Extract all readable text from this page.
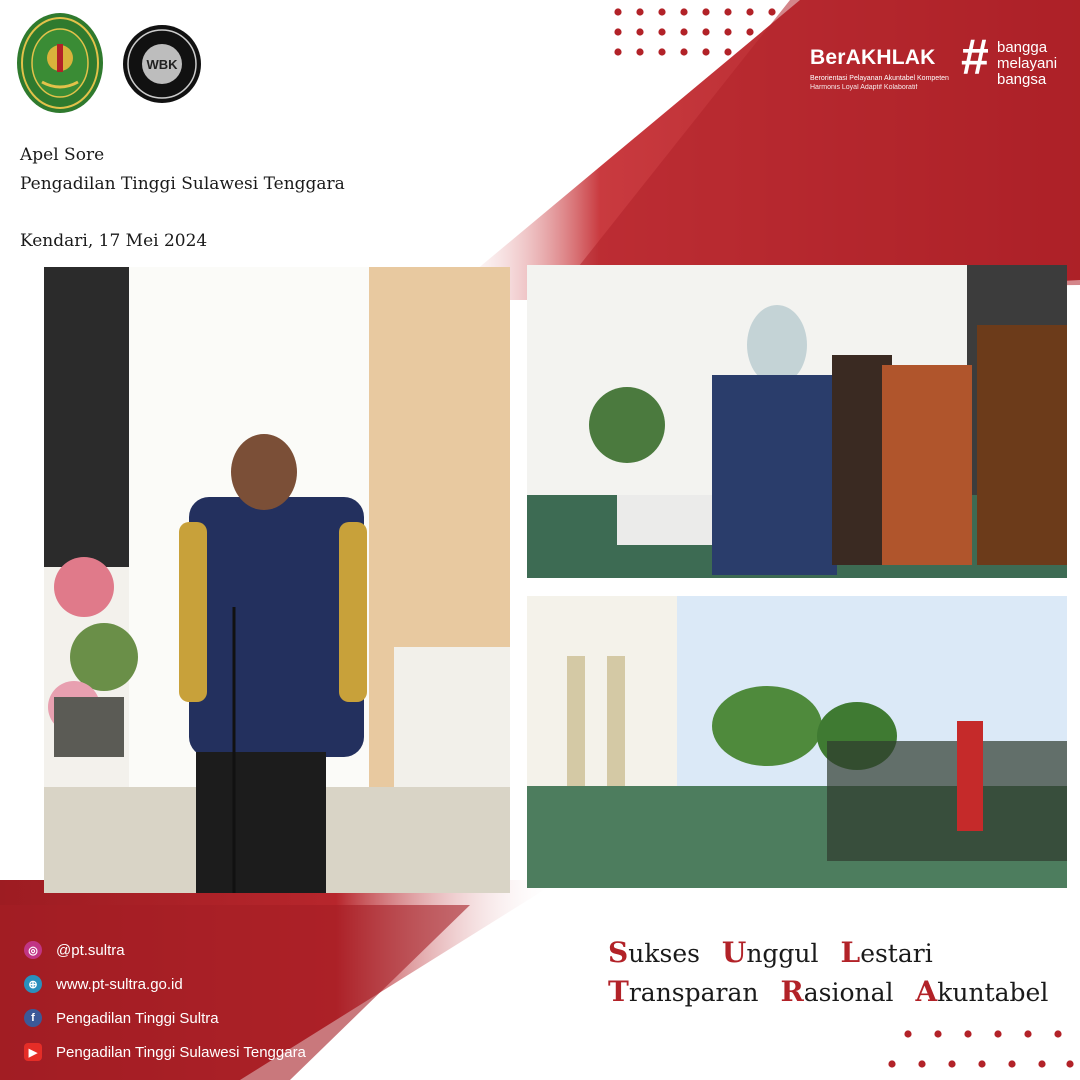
WBK
Apel Sore
Pengadilan Tinggi Sulawesi Tenggara
Kendari, 17 Mei 2024
BerAKHLAK
Berorientasi Pelayanan Akuntabel Kompeten
Harmonis Loyal Adaptif Kolaboratif
# bangga
melayani
bangsa
◎ @pt.sultra
⊕ www.pt-sultra.go.id
f	Pengadilan Tinggi Sultra
▶	Pengadilan Tinggi Sulawesi Tenggara
Sukses Unggul Lestari
Transparan Rasional Akuntabel
